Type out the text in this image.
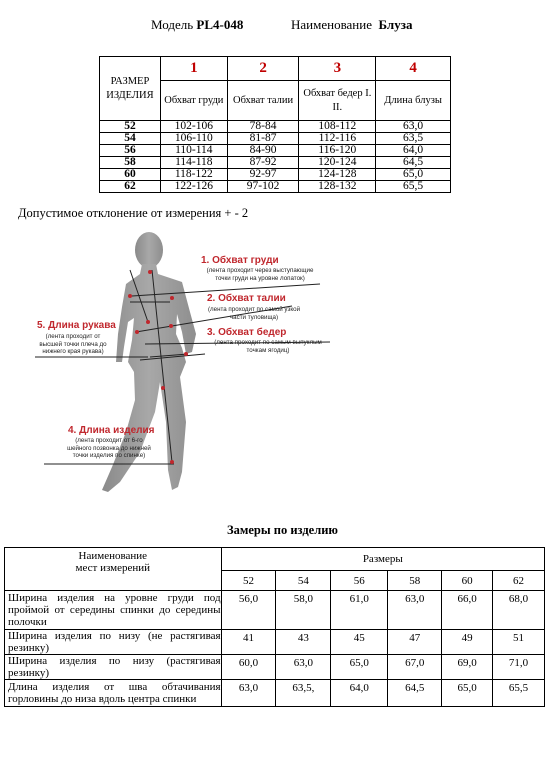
Модель PL4-048	Наименование Блуза
РАЗМЕР ИЗДЕЛИЯ	1	2	3	4
	Обхват груди	Обхват талии	Обхват бедер I. II.	Длина блузы
52	102-106	78-84	108-112	63,0
54	106-110	81-87	112-116	63,5
56	110-114	84-90	116-120	64,0
58	114-118	87-92	120-124	64,5
60	118-122	92-97	124-128	65,0
62	122-126	97-102	128-132	65,5
Допустимое отклонение от измерения + - 2
1. Обхват груди
(лента проходит через выступающие
точки груди на уровне лопаток)
2. Обхват талии
(лента проходит по самой узкой
части туловища)
3. Обхват бедер
(лента проходит по самым выпуклым
точкам ягодиц)
5. Длина рукава
(лента проходит от
высшей точки плеча до
нижнего края рукава)
4. Длина изделия
(лента проходит от 6-го
шейного позвонка до нижней
точки изделия по спинке)
Замеры по изделию
Наименование
мест измерений	Размеры					
	52	54	56	58	60	62
Ширина изделия на уровне груди под проймой от середины спинки до середины полочки	56,0	58,0	61,0	63,0	66,0	68,0
Ширина изделия по низу (не растягивая резинку)	41	43	45	47	49	51
Ширина изделия по низу (растягивая резинку)	60,0	63,0	65,0	67,0	69,0	71,0
Длина изделия от шва обтачивания горловины до низа вдоль центра спинки	63,0	63,5,	64,0	64,5	65,0	65,5
